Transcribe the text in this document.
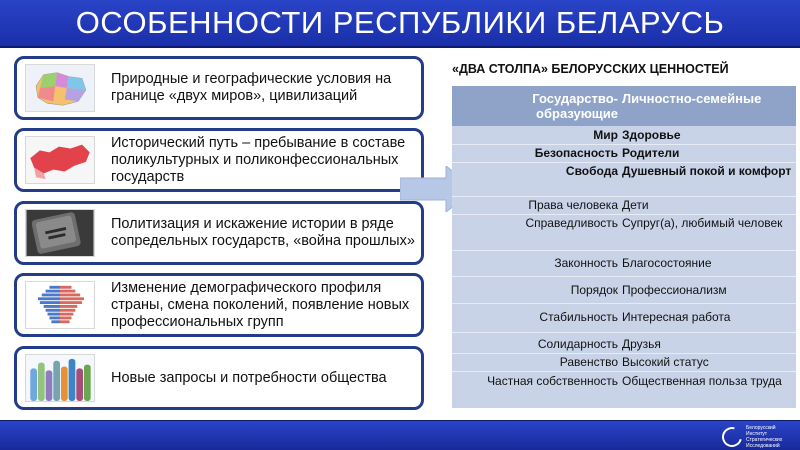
ОСОБЕННОСТИ РЕСПУБЛИКИ БЕЛАРУСЬ
Природные и географические условия на границе «двух миров», цивилизаций
Исторический путь – пребывание в составе поликультурных и поликонфессиональных государств
Политизация и искажение истории в ряде сопредельных государств, «война прошлых»
Изменение демографического профиля страны, смена поколений, появление новых профессиональных групп
Новые запросы и потребности общества
«ДВА СТОЛПА» БЕЛОРУССКИХ ЦЕННОСТЕЙ
Государство-образующие
Личностно-семейные
Мир Здоровье
Безопасность Родители
Свобода Душевный покой и комфорт
Права человека Дети
Справедливость Супруг(а), любимый человек
Законность Благосостояние
Порядок Профессионализм
Стабильность Интересная работа
Солидарность Друзья
Равенство Высокий статус
Частная собственность Общественная польза труда
Белорусский Институт Стратегических Исследований
